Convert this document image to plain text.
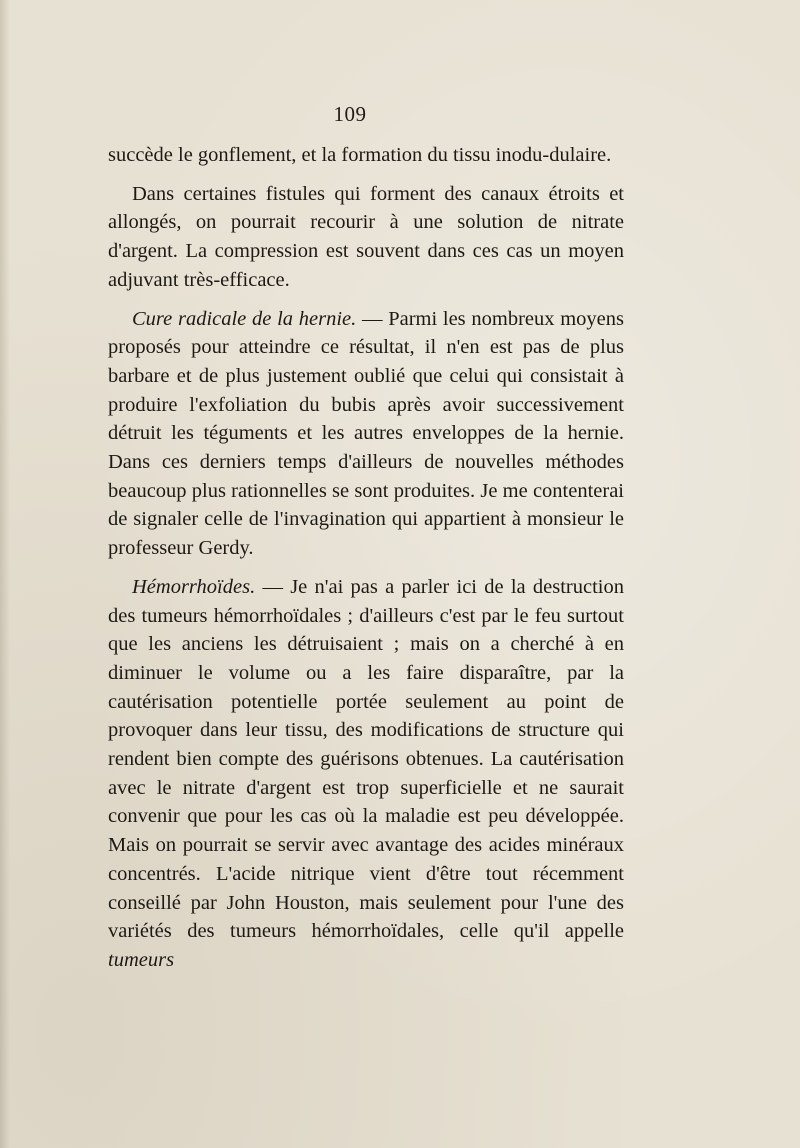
109

succède le gonflement, et la formation du tissu inodu-dulaire.

Dans certaines fistules qui forment des canaux étroits et allongés, on pourrait recourir à une solution de nitrate d'argent. La compression est souvent dans ces cas un moyen adjuvant très-efficace.

Cure radicale de la hernie. — Parmi les nombreux moyens proposés pour atteindre ce résultat, il n'en est pas de plus barbare et de plus justement oublié que celui qui consistait à produire l'exfoliation du bubis après avoir successivement détruit les téguments et les autres enveloppes de la hernie. Dans ces derniers temps d'ailleurs de nouvelles méthodes beaucoup plus rationnelles se sont produites. Je me contenterai de signaler celle de l'invagination qui appartient à monsieur le professeur Gerdy.

Hémorrhoïdes. — Je n'ai pas a parler ici de la destruction des tumeurs hémorrhoïdales ; d'ailleurs c'est par le feu surtout que les anciens les détruisaient ; mais on a cherché à en diminuer le volume ou a les faire disparaître, par la cautérisation potentielle portée seulement au point de provoquer dans leur tissu, des modifications de structure qui rendent bien compte des guérisons obtenues. La cautérisation avec le nitrate d'argent est trop superficielle et ne saurait convenir que pour les cas où la maladie est peu développée. Mais on pourrait se servir avec avantage des acides minéraux concentrés. L'acide nitrique vient d'être tout récemment conseillé par John Houston, mais seulement pour l'une des variétés des tumeurs hémorrhoïdales, celle qu'il appelle tumeurs
